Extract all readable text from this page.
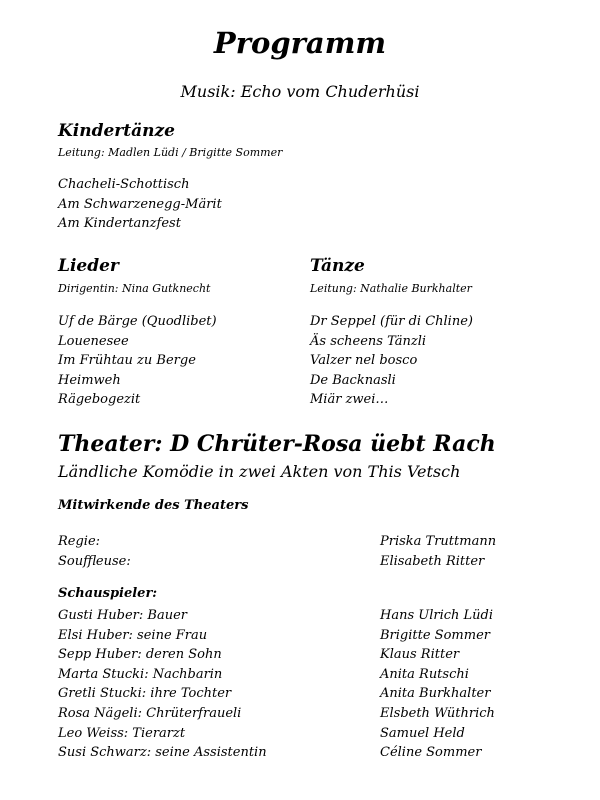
Programm
Musik: Echo vom Chuderhüsi
Kindertänze
Leitung: Madlen Lüdi / Brigitte Sommer
Chacheli-Schottisch
Am Schwarzenegg-Märit
Am Kindertanzfest
Lieder
Dirigentin: Nina Gutknecht
Uf de Bärge (Quodlibet)
Louenesee
Im Frühtau zu Berge
Heimweh
Rägebogezit
Tänze
Leitung: Nathalie Burkhalter
Dr Seppel (für di Chline)
Äs scheens Tänzli
Valzer nel bosco
De Backnasli
Miär zwei…
Theater: D Chrüter-Rosa üebt Rach
Ländliche Komödie in zwei Akten von This Vetsch
Mitwirkende des Theaters
Regie:	Priska Truttmann
Souffleuse:	Elisabeth Ritter
Schauspieler:
Gusti Huber: Bauer	Hans Ulrich Lüdi
Elsi Huber: seine Frau	Brigitte Sommer
Sepp Huber: deren Sohn	Klaus Ritter
Marta Stucki: Nachbarin	Anita Rutschi
Gretli Stucki: ihre Tochter	Anita Burkhalter
Rosa Nägeli: Chrüterfraueli	Elsbeth Wüthrich
Leo Weiss: Tierarzt	Samuel Held
Susi Schwarz: seine Assistentin	Céline Sommer
